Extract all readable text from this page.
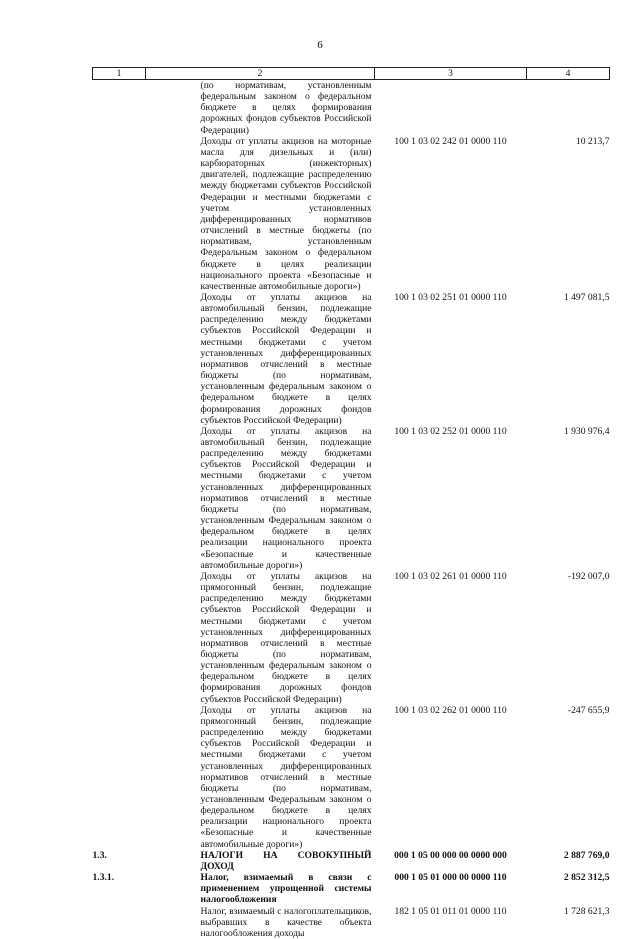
6
1	2	3	4

	(по нормативам, установленным федеральным законом о федеральном бюджете в целях формирования дорожных фондов субъектов Российской Федерации)		

	Доходы от уплаты акцизов на моторные масла для дизельных и (или) карбюраторных (инжекторных) двигателей, подлежащие распределению между бюджетами субъектов Российской Федерации и местными бюджетами с учетом установленных дифференцированных нормативов отчислений в местные бюджеты (по нормативам, установленным Федеральным законом о федеральном бюджете в целях реализации национального проекта «Безопасные и качественные автомобильные дороги»)	100 1 03 02 242 01 0000 110	10 213,7

	Доходы от уплаты акцизов на автомобильный бензин, подлежащие распределению между бюджетами субъектов Российской Федерации и местными бюджетами с учетом установленных дифференцированных нормативов отчислений в местные бюджеты (по нормативам, установленным федеральным законом о федеральном бюджете в целях формирования дорожных фондов субъектов Российской Федерации)	100 1 03 02 251 01 0000 110	1 497 081,5

	Доходы от уплаты акцизов на автомобильный бензин, подлежащие распределению между бюджетами субъектов Российской Федерации и местными бюджетами с учетом установленных дифференцированных нормативов отчислений в местные бюджеты (по нормативам, установленным Федеральным законом о федеральном бюджете в целях реализации национального проекта «Безопасные и качественные автомобильные дороги»)	100 1 03 02 252 01 0000 110	1 930 976,4

	Доходы от уплаты акцизов на прямогонный бензин, подлежащие распределению между бюджетами субъектов Российской Федерации и местными бюджетами с учетом установленных дифференцированных нормативов отчислений в местные бюджеты (по нормативам, установленным федеральным законом о федеральном бюджете в целях формирования дорожных фондов субъектов Российской Федерации)	100 1 03 02 261 01 0000 110	-192 007,0

	Доходы от уплаты акцизов на прямогонный бензин, подлежащие распределению между бюджетами субъектов Российской Федерации и местными бюджетами с учетом установленных дифференцированных нормативов отчислений в местные бюджеты (по нормативам, установленным Федеральным законом о федеральном бюджете в целях реализации национального проекта «Безопасные и качественные автомобильные дороги»)	100 1 03 02 262 01 0000 110	-247 655,9
1.3.	НАЛОГИ НА СОВОКУПНЫЙ ДОХОД	000 1 05 00 000 00 0000 000	2 887 769,0
1.3.1.	Налог, взимаемый в связи с применением упрощенной системы налогообложения	000 1 05 01 000 00 0000 110	2 852 312,5

	Налог, взимаемый с налогоплательщиков, выбравших в качестве объекта налогообложения доходы	182 1 05 01 011 01 0000 110	1 728 621,3
